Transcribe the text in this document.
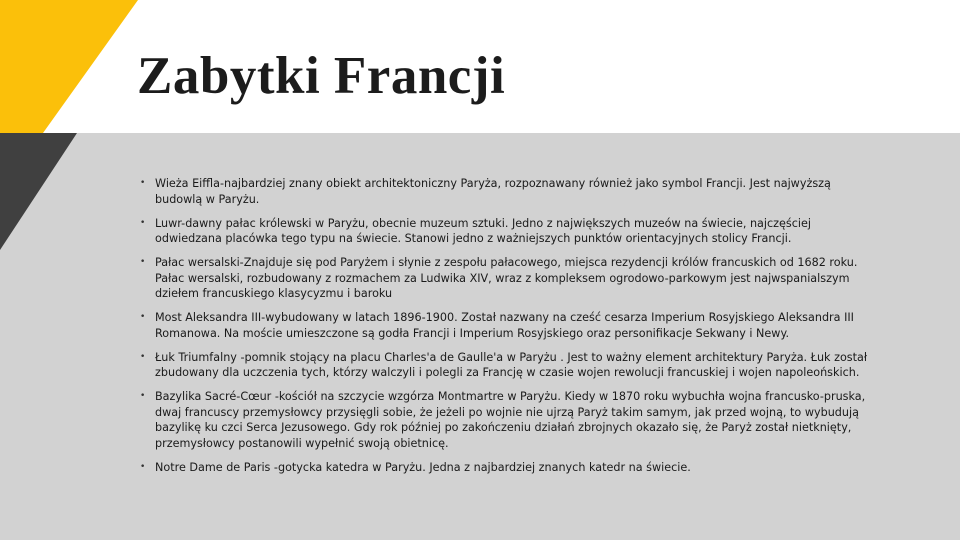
Zabytki Francji
• Wieża Eiffla-najbardziej znany obiekt architektoniczny Paryża, rozpoznawany również jako symbol Francji. Jest najwyższą budowlą w Paryżu.
• Luwr-dawny pałac królewski w Paryżu, obecnie muzeum sztuki. Jedno z największych muzeów na świecie, najczęściej odwiedzana placówka tego typu na świecie. Stanowi jedno z ważniejszych punktów orientacyjnych stolicy Francji.
• Pałac wersalski-Znajduje się pod Paryżem i słynie z zespołu pałacowego, miejsca rezydencji królów francuskich od 1682 roku. Pałac wersalski, rozbudowany z rozmachem za Ludwika XIV, wraz z kompleksem ogrodowo-parkowym jest najwspanialszym dziełem francuskiego klasycyzmu i baroku
• Most Aleksandra III-wybudowany w latach 1896-1900. Został nazwany na cześć cesarza Imperium Rosyjskiego Aleksandra III Romanowa. Na moście umieszczone są godła Francji i Imperium Rosyjskiego oraz personifikacje Sekwany i Newy.
• Łuk Triumfalny -pomnik stojący na placu Charles'a de Gaulle'a w Paryżu . Jest to ważny element architektury Paryża. Łuk został zbudowany dla uczczenia tych, którzy walczyli i polegli za Francję w czasie wojen rewolucji francuskiej i wojen napoleońskich.
• Bazylika Sacré-Cœur -kościół na szczycie wzgórza Montmartre w Paryżu. Kiedy w 1870 roku wybuchła wojna francusko-pruska, dwaj francuscy przemysłowcy przysięgli sobie, że jeżeli po wojnie nie ujrzą Paryż takim samym, jak przed wojną, to wybudują bazylikę ku czci Serca Jezusowego. Gdy rok później po zakończeniu działań zbrojnych okazało się, że Paryż został nietknięty, przemysłowcy postanowili wypełnić swoją obietnicę.
• Notre Dame de Paris -gotycka katedra w Paryżu. Jedna z najbardziej znanych katedr na świecie.
